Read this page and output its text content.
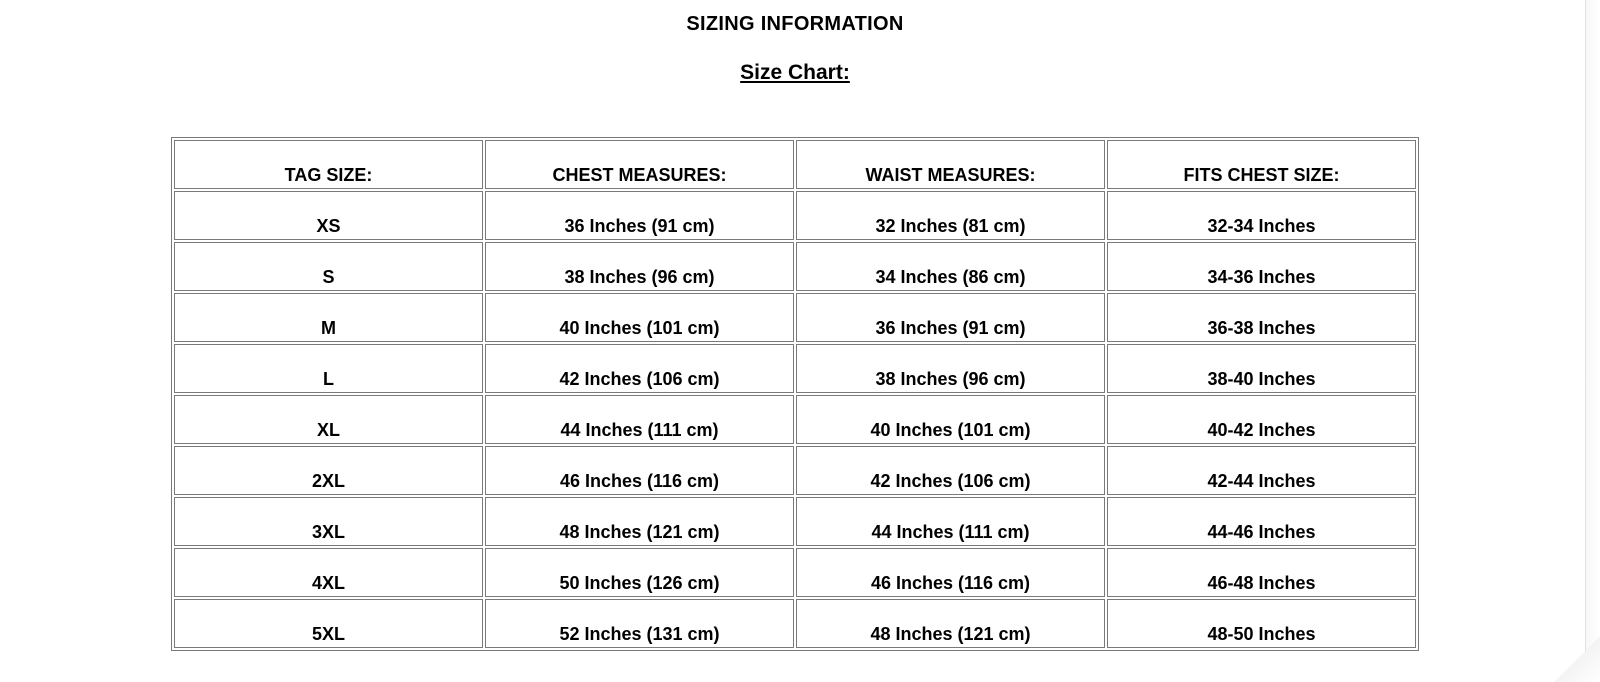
SIZING INFORMATION
Size Chart:
TAG SIZE:	CHEST MEASURES:	WAIST MEASURES:	FITS CHEST SIZE:
XS	36 Inches (91 cm)	32 Inches (81 cm)	32-34 Inches
S	38 Inches (96 cm)	34 Inches (86 cm)	34-36 Inches
M	40 Inches (101 cm)	36 Inches (91 cm)	36-38 Inches
L	42 Inches (106 cm)	38 Inches (96 cm)	38-40 Inches
XL	44 Inches (111 cm)	40 Inches (101 cm)	40-42 Inches
2XL	46 Inches (116 cm)	42 Inches (106 cm)	42-44 Inches
3XL	48 Inches (121 cm)	44 Inches (111 cm)	44-46 Inches
4XL	50 Inches (126 cm)	46 Inches (116 cm)	46-48 Inches
5XL	52 Inches (131 cm)	48 Inches (121 cm)	48-50 Inches
